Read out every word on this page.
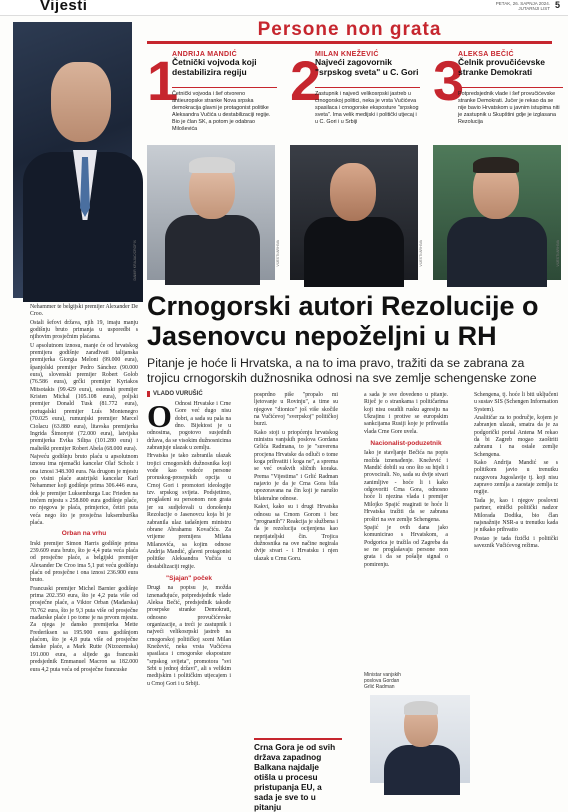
Vijesti	PETAK, 26. SAPNJA 2024.
JUTARNJI LIST 5
DAMIR KRAJAC/CROPIX
Persone non grata
1
ANDRIJA MANDIĆ
Četnički vojvoda koji destabilizira regiju
Četnički vojvoda i šef otvoreno antieuropske stranke Nova srpska demokracija glavni je protagonist politike Aleksandra Vučića u destabilizaciji regije. Bio je član SK, a potom je odabrao Miloševića
VIJESTI/ARHIVA
2
MILAN KNEŽEVIĆ
Najveći zagovornik "srpskog sveta" u C. Gori
Zastupnik i najveći velikosrpski jastreb u crnogorskoj politici, neka je vrsta Vučićeva spasilaca i crnogorske eksposture "srpskog sveta". Ima velik medijski i politički utjecaj i u C. Gori i u Srbiji
VIJESTI/ARHIVA
3
ALEKSA BEČIĆ
Čelnik provučićevske stranke Demokrati
Potpredsjednik vlade i šef provučićevske stranke Demokrati. Jučer je rekao da se nije bavio Hrvatskom u javnim istupima niti je zastupnik u Skupštini gdje je izglasana Rezolucija
VIJESTI/ARHIVA
Crnogorski autori Rezolucije o Jasenovcu nepoželjni u RH
Pitanje je hoće li Hrvatska, a na to ima pravo, tražiti da se zabrana za trojicu crnogorskih dužnosnika odnosi na sve zemlje schengenske zone

Nehammer te belgijski premijer Alexander De Croo.

Ostali šefovi država, njih 19, imaju manju godišnju bruto primanja u usporedbi s njihovim prosječnim plaćama.

U apsolutnom iznosu, manje će od hrvatskog premijera godišnje zarađivati talijanska premijerka Giorgia Meloni (99.000 eura), španjolski premijer Pedro Sánchez (90.000 eura), slovenski premijer Robert Golob (76.586 eura), grčki premijer Kyriakos Mitsotakis (99.429 eura), estonski premijer Kristen Michal (105.108 eura), poljski premijer Donald Tusk (81.772 eura), portugalski premijer Luís Montenegro (70.025 eura), rumunjski premijer Marcel Ciolacu (63.880 eura), litavska premijerka Ingrida Šimonytė (72.000 eura), latvijska premijerka Evika Siliņa (101.280 eura) i malteški premijer Robert Abela (68.000 eura).

Najveću godišnju bruto plaću u apsolutnom iznosu ima njemački kancelar Olaf Scholz i ona iznosi 348.300 eura. Na drugom je mjestu po visini plaće austrijski kancelar Karl Nehammer koji godišnje prima 306.446 eura, dok je premijer Luksemburga Luc Frieden na trećem mjestu s 258.800 eura godišnje plaće, no njegova je plaća, primjerice, četiri puta veća nego što je prosječna luksemburška plaća.

Orban na vrhu

Irski premijer Simon Harris godišnje prima 239.609 eura bruto, što je 4,4 puta veća plaća od prosječne plaće, a belgijski premijer Alexander De Croo ima 5,1 put veću godišnju plaću od prosječne i ona iznosi 236.900 eura bruto.

Francuski premijer Michel Barnier godišnje prima 202.350 eura, što je 4,2 puta više od prosječne plaće, a Viktor Orban (Mađarska) 70.762 eura, što je 9,3 puta više od prosječne mađarske plaće i po tome je na prvom mjestu. Za njega je dansko premijerka Mette Frederiksen sa 195.900 eura godišnjom plaćom, što je 4,8 puta više od prosječne danske plaće, a Mark Rutte (Nizozemska) 191.000 eura, a slijede ga francuski predsjednik Emmanuel Macron sa 182.000 eura 4,2 puta veća od prosječne francuske

VLADO VURUŠIĆ

O Odnosi Hrvatske i Crne Gore već dugo nisu dobri, a sada su pala na dno. Bijektost je u odnosima, pogotovo susjednih država, da se visokim dužnosnicima zabranjuje ulazak u zemlju.

Hrvatska je tako zabranila ulazak trojici crnogorskih dužnosnika koji vode kao vodeće persone proruskog-prosrpskih opcija u Crnoj Gori i promotori ideologije tzv. srpskog svijeta. Podsjetimo, proglašeni su personom non grata jer su sudjelovali u donošenju Rezolucije o Jasenovcu koja bi je zabranila ulaz tadašnjem ministru obrane Abrahamu Kovačiću. Za vrijeme premijera Milana Milanovića, sa kojim odnose Andrija Mandić, glavni protagonist politike Aleksandra Vučića u destabilizaciji regije.

"Sjajan" poček

Drugi na popisu je, možda iznenađujuće, potpredsjednik vlade Aleksa Bečić, predsjednik takođe prosrpske stranke Demokrati, odnosno provučićevske organizacije, a treći je zastupnik i najveći velikosrpski jastreb na crnogorskoj političkoj sceni Milan Knežević, neka vrsta Vučićeva spasilaca i crnogorske eksposture "srpskog svijeta", promotora "svi Srbi u jednoj državi", ali s velikim medijskim i političkim utjecajem i u Crnoj Gori i u Srbiji.

posprdno piše "propalo mi ljetovanje u Rovinju", a time su njegove "dionice" još više skočile na Vučićevoj "sverpskoj" političkoj burzi.

Kako stoji u priopćenju hrvatskog ministra vanjskih poslova Gordana Grlića Radmana, to je "suverena procjena Hrvatske da odluči o tome koga prihvatiti i koga ne", a sprema se već ovakvih sličnih koraka. Prema "Vijestima" i Grlić Radman najavio je da je Crna Gora bila upozoravana na čin koji je narušio bilateralne odnose.

Kakvi, kako su i drugi Hrvatska odnosu sa Crnom Gorom i bez "prognanih"? Reakcija je službena i da je rezolucija ocijenjena kao neprijateljski čin. Trojica dužnosnika na ove načine negirala dvije stvari - i Hrvatsku i njen ulazak u Crnu Goru.

a sada je sve dovedeno u pitanje. Riječ je o strankama i političarima koji nisu osudili rusku agresiju na Ukrajinu i protive se europskim sankcijama Rusiji koje je prihvatila vlada Crne Gore uvela.

Nacionalist-poduzetnik

Iako je stavljanje Bečića na popis možda iznenađenje. Knežević i Mandić dobili su ono što su htjeli i provocirali. No, sada su dvije stvari zanimljive - hoće li i kako odgovoriti Crna Gora, odnosno hoće li njezina vlada i premijer Milojko Spajić reagirati te hoće li Hrvatska tražiti da se zabrana proširi na sve zemlje Schengena.

Spajić je ovih dana jako komunicirao s Hrvatskom, a Podgorica je tražila od Zagreba da se ne proglašavaju persone non grata i da se pošalje signal o pomirenju.

Schengena, tj. hoće li biti uključeni u sustav SIS (Schengen Information System).

Analitičar za to područje, kojem je zabranjen ulazak, smatra da je za podgorički portal Antena M rekao da bi Zagreb mogao zaoštriti zabranu i na ostale zemlje Schengena.

Kako Andrija Mandić se s politikom javio u trenutku razgovora Jugoslavije tj. koji nisu zapravo zemlja a zaostaje zemlja iz regije.

Tada je, kao i njegov poslovni partner, etnički politički nadzor Milorada Dodika, bio član najsnažnije NSR-a u trenutku kada je nikako prihvatio

Postao je tada fizički i politički saveznik Vučićevog režima.

Crna Gora je od svih država zapadnog Balkana najdalje otišla u procesu pristupanja EU, a sada je sve to u pitanju
Ministar vanjskih poslova Gordan Grlić Radman
